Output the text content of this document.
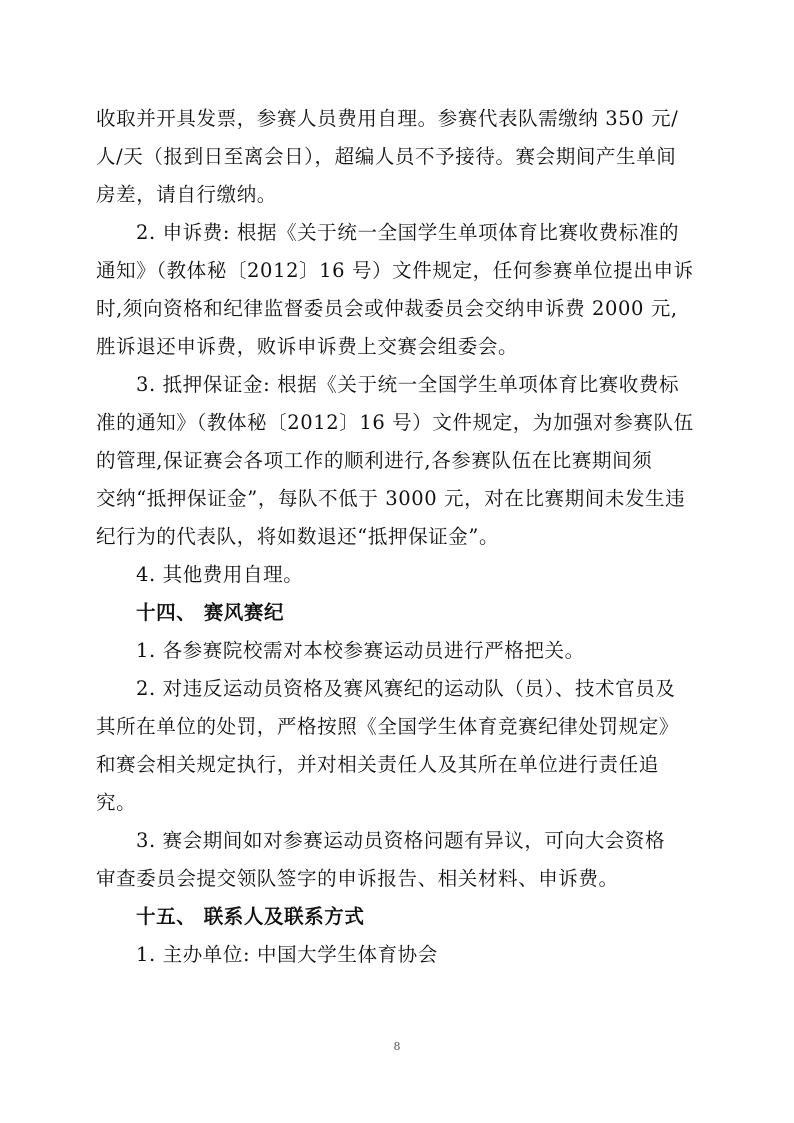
收取并开具发票，参赛人员费用自理。参赛代表队需缴纳 350 元/
人/天（报到日至离会日），超编人员不予接待。赛会期间产生单间
房差，请自行缴纳。
2. 申诉费: 根据《关于统一全国学生单项体育比赛收费标准的
通知》（教体秘〔2012〕16 号）文件规定，任何参赛单位提出申诉
时,须向资格和纪律监督委员会或仲裁委员会交纳申诉费 2000 元,
胜诉退还申诉费，败诉申诉费上交赛会组委会。
3. 抵押保证金: 根据《关于统一全国学生单项体育比赛收费标
准的通知》（教体秘〔2012〕16 号）文件规定，为加强对参赛队伍
的管理,保证赛会各项工作的顺利进行,各参赛队伍在比赛期间须
交纳“抵押保证金”，每队不低于 3000 元，对在比赛期间未发生违
纪行为的代表队，将如数退还“抵押保证金”。
4. 其他费用自理。
十四、 赛风赛纪
1. 各参赛院校需对本校参赛运动员进行严格把关。
2. 对违反运动员资格及赛风赛纪的运动队（员）、技术官员及
其所在单位的处罚，严格按照《全国学生体育竞赛纪律处罚规定》
和赛会相关规定执行，并对相关责任人及其所在单位进行责任追
究。
3. 赛会期间如对参赛运动员资格问题有异议，可向大会资格
审查委员会提交领队签字的申诉报告、相关材料、申诉费。
十五、 联系人及联系方式
1. 主办单位: 中国大学生体育协会
8
